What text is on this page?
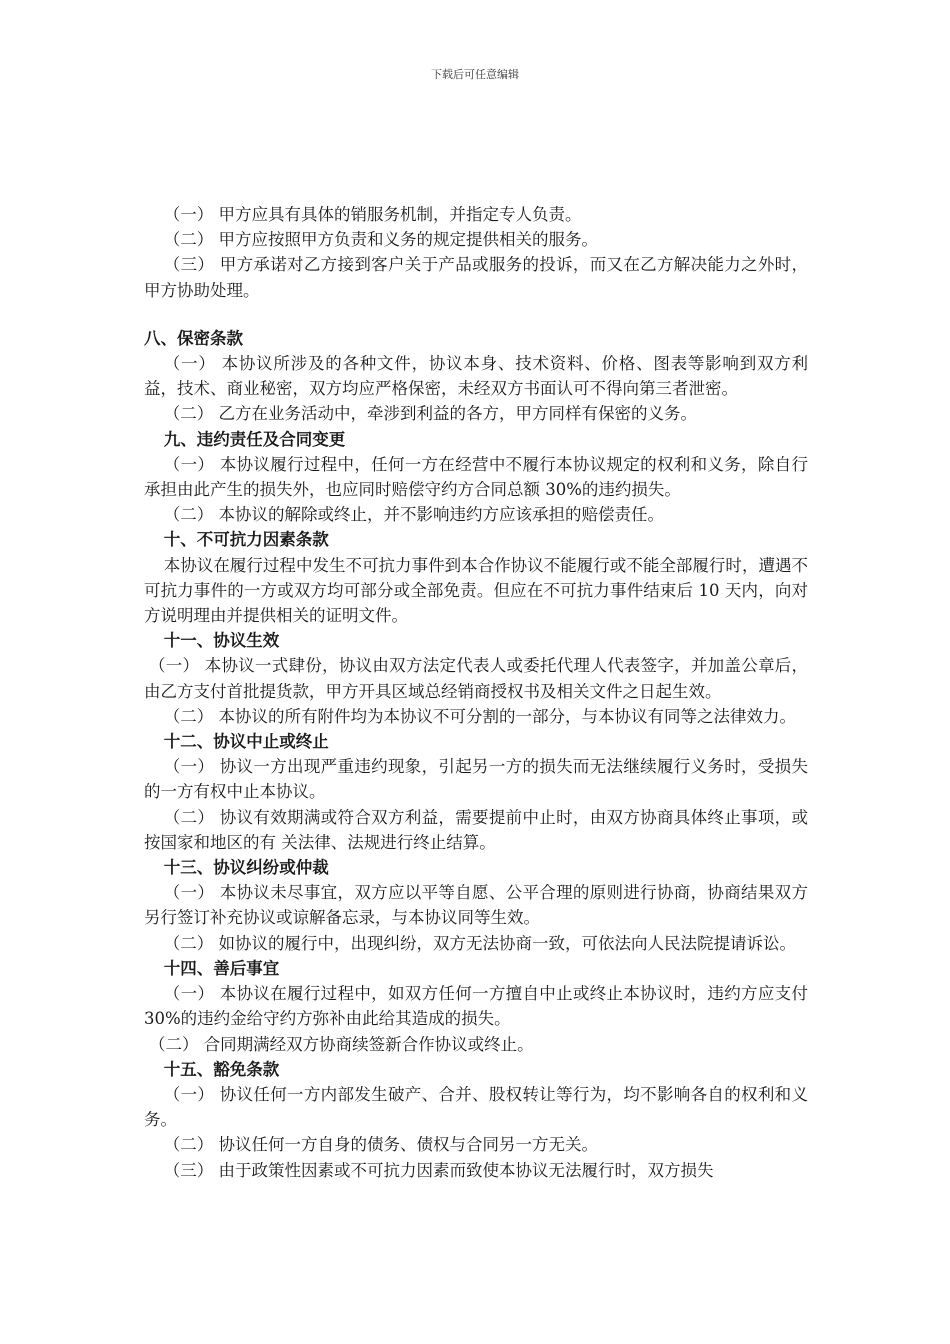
下载后可任意编辑

（一） 甲方应具有具体的销服务机制，并指定专人负责。

（二） 甲方应按照甲方负责和义务的规定提供相关的服务。

（三） 甲方承诺对乙方接到客户关于产品或服务的投诉，而又在乙方解决能力之外时，甲方协助处理。

八、保密条款

（一） 本协议所涉及的各种文件，协议本身、技术资料、价格、图表等影响到双方利益，技术、商业秘密，双方均应严格保密，未经双方书面认可不得向第三者泄密。

（二） 乙方在业务活动中，牵涉到利益的各方，甲方同样有保密的义务。

九、违约责任及合同变更

（一） 本协议履行过程中，任何一方在经营中不履行本协议规定的权利和义务，除自行承担由此产生的损失外，也应同时赔偿守约方合同总额 30%的违约损失。

（二） 本协议的解除或终止，并不影响违约方应该承担的赔偿责任。

十、不可抗力因素条款

本协议在履行过程中发生不可抗力事件到本合作协议不能履行或不能全部履行时，遭遇不可抗力事件的一方或双方均可部分或全部免责。但应在不可抗力事件结束后 10 天内，向对方说明理由并提供相关的证明文件。

十一、协议生效

（一） 本协议一式肆份，协议由双方法定代表人或委托代理人代表签字，并加盖公章后，由乙方支付首批提货款，甲方开具区域总经销商授权书及相关文件之日起生效。

（二） 本协议的所有附件均为本协议不可分割的一部分，与本协议有同等之法律效力。

十二、协议中止或终止

（一） 协议一方出现严重违约现象，引起另一方的损失而无法继续履行义务时，受损失的一方有权中止本协议。

（二） 协议有效期满或符合双方利益，需要提前中止时，由双方协商具体终止事项，或按国家和地区的有 关法律、法规进行终止结算。

十三、协议纠纷或仲裁

（一） 本协议未尽事宜，双方应以平等自愿、公平合理的原则进行协商，协商结果双方另行签订补充协议或谅解备忘录，与本协议同等生效。

（二） 如协议的履行中，出现纠纷，双方无法协商一致，可依法向人民法院提请诉讼。

十四、善后事宜

（一） 本协议在履行过程中，如双方任何一方擅自中止或终止本协议时，违约方应支付 30%的违约金给守约方弥补由此给其造成的损失。

（二） 合同期满经双方协商续签新合作协议或终止。

十五、豁免条款

（一） 协议任何一方内部发生破产、合并、股权转让等行为，均不影响各自的权利和义务。

（二） 协议任何一方自身的债务、债权与合同另一方无关。

（三） 由于政策性因素或不可抗力因素而致使本协议无法履行时，双方损失
